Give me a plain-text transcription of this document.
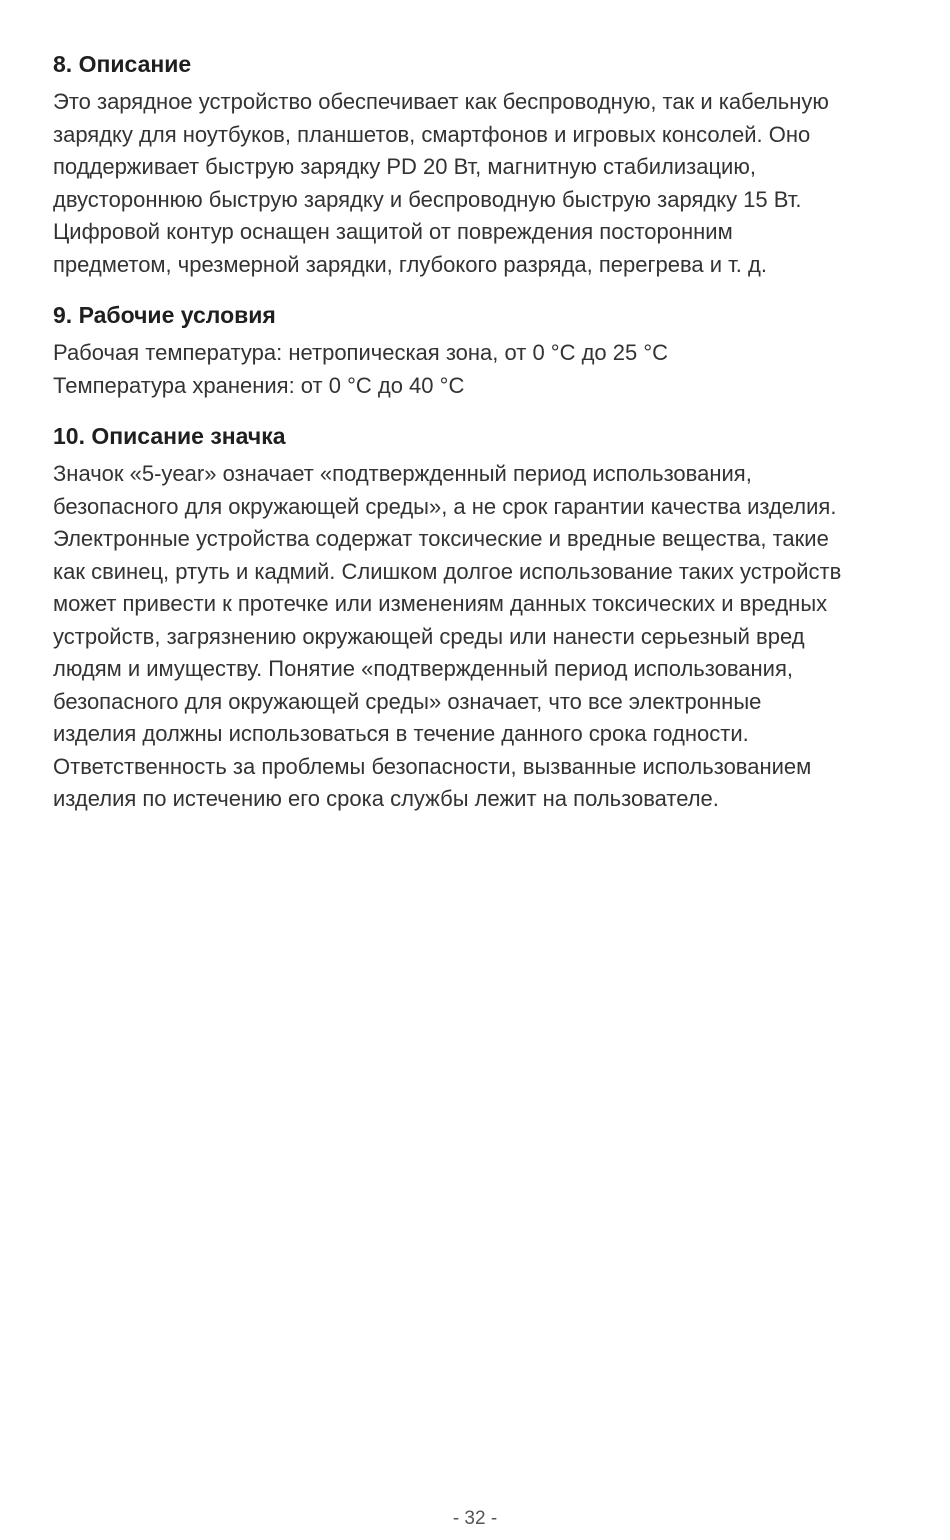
8. Описание

Это зарядное устройство обеспечивает как беспроводную, так и кабельную
зарядку для ноутбуков, планшетов, смартфонов и игровых консолей. Оно
поддерживает быструю зарядку PD 20 Вт, магнитную стабилизацию,
двустороннюю быструю зарядку и беспроводную быструю зарядку 15 Вт.
Цифровой контур оснащен защитой от повреждения посторонним
предметом, чрезмерной зарядки, глубокого разряда, перегрева и т. д.

9. Рабочие условия

Рабочая температура: нетропическая зона, от 0 °C до 25 °C
Температура хранения: от 0 °C до 40 °C

10. Описание значка

Значок «5-year» означает «подтвержденный период использования,
безопасного для окружающей среды», а не срок гарантии качества изделия.
Электронные устройства содержат токсические и вредные вещества, такие
как свинец, ртуть и кадмий. Слишком долгое использование таких устройств
может привести к протечке или изменениям данных токсических и вредных
устройств, загрязнению окружающей среды или нанести серьезный вред
людям и имуществу. Понятие «подтвержденный период использования,
безопасного для окружающей среды» означает, что все электронные
изделия должны использоваться в течение данного срока годности.
Ответственность за проблемы безопасности, вызванные использованием
изделия по истечению его срока службы лежит на пользователе.

- 32 -
